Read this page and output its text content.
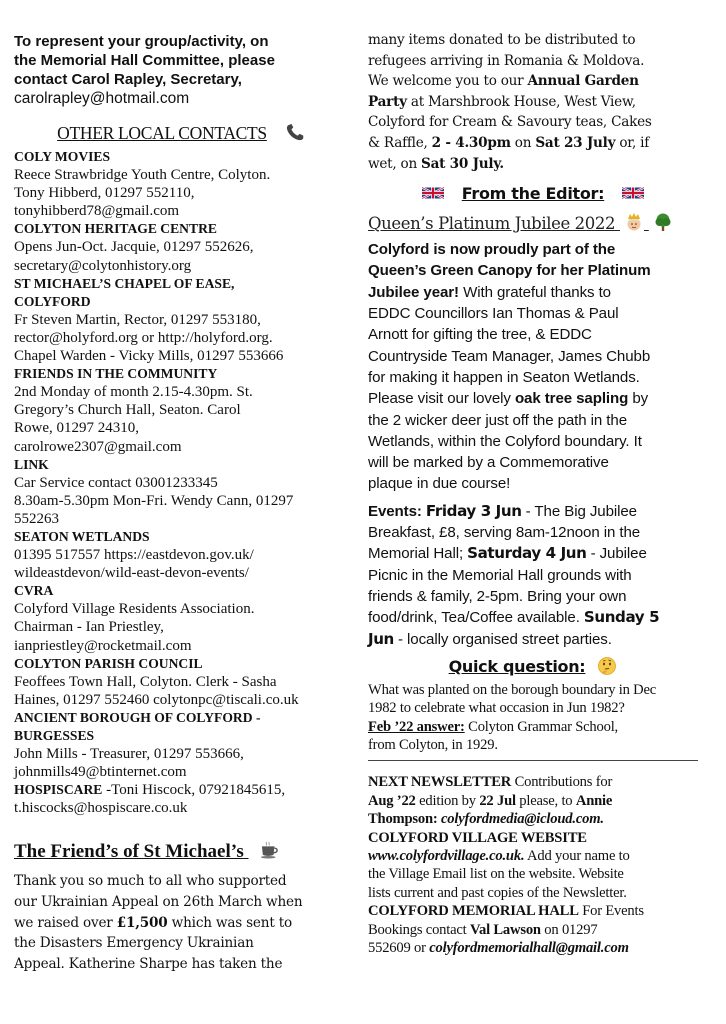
To represent your group/activity, on
the Memorial Hall Committee, please
contact Carol Rapley, Secretary,
carolrapley@hotmail.com
OTHER LOCAL CONTACTS
COLY MOVIES
Reece Strawbridge Youth Centre, Colyton.
Tony Hibberd, 01297 552110,
tonyhibberd78@gmail.com
COLYTON HERITAGE CENTRE
Opens Jun-Oct. Jacquie, 01297 552626,
secretary@colytonhistory.org
ST MICHAEL’S CHAPEL OF EASE,
COLYFORD
Fr Steven Martin, Rector, 01297 553180,
rector@holyford.org or http://holyford.org.
Chapel Warden - Vicky Mills, 01297 553666
FRIENDS IN THE COMMUNITY
2nd Monday of month 2.15-4.30pm. St.
Gregory’s Church Hall, Seaton. Carol
Rowe, 01297 24310,
carolrowe2307@gmail.com
LINK
Car Service contact 03001233345
8.30am-5.30pm Mon-Fri. Wendy Cann, 01297
552263
SEATON WETLANDS
01395 517557 https://eastdevon.gov.uk/
wildeastdevon/wild-east-devon-events/
CVRA
Colyford Village Residents Association.
Chairman - Ian Priestley,
ianpriestley@rocketmail.com
COLYTON PARISH COUNCIL
Feoffees Town Hall, Colyton. Clerk - Sasha
Haines, 01297 552460 colytonpc@tiscali.co.uk
ANCIENT BOROUGH OF COLYFORD -
BURGESSES
John Mills - Treasurer, 01297 553666,
johnmills49@btinternet.com
HOSPISCARE -Toni Hiscock, 07921845615,
t.hiscocks@hospiscare.co.uk
The Friend’s of St Michael’s
Thank you so much to all who supported
our Ukrainian Appeal on 26th March when
we raised over £1,500 which was sent to
the Disasters Emergency Ukrainian
Appeal. Katherine Sharpe has taken the
many items donated to be distributed to
refugees arriving in Romania & Moldova.
We welcome you to our Annual Garden
Party at Marshbrook House, West View,
Colyford for Cream & Savoury teas, Cakes
& Raffle, 2 - 4.30pm on Sat 23 July or, if
wet, on Sat 30 July.
From the Editor:
Queen’s Platinum Jubilee 2022
Colyford is now proudly part of the
Queen’s Green Canopy for her Platinum
Jubilee year! With grateful thanks to
EDDC Councillors Ian Thomas & Paul
Arnott for gifting the tree, & EDDC
Countryside Team Manager, James Chubb
for making it happen in Seaton Wetlands.
Please visit our lovely oak tree sapling by
the 2 wicker deer just off the path in the
Wetlands, within the Colyford boundary. It
will be marked by a Commemorative
plaque in due course!
Events: Friday 3 Jun - The Big Jubilee
Breakfast, £8, serving 8am-12noon in the
Memorial Hall; Saturday 4 Jun - Jubilee
Picnic in the Memorial Hall grounds with
friends & family, 2-5pm. Bring your own
food/drink, Tea/Coffee available. Sunday 5
Jun - locally organised street parties.
Quick question:
What was planted on the borough boundary in Dec
1982 to celebrate what occasion in Jun 1982?
Feb ’22 answer: Colyton Grammar School,
from Colyton, in 1929.
NEXT NEWSLETTER Contributions for
Aug ’22 edition by 22 Jul please, to Annie
Thompson: colyfordmedia@icloud.com.
COLYFORD VILLAGE WEBSITE
www.colyfordvillage.co.uk. Add your name to
the Village Email list on the website. Website
lists current and past copies of the Newsletter.
COLYFORD MEMORIAL HALL For Events
Bookings contact Val Lawson on 01297
552609 or colyfordmemorialhall@gmail.com
